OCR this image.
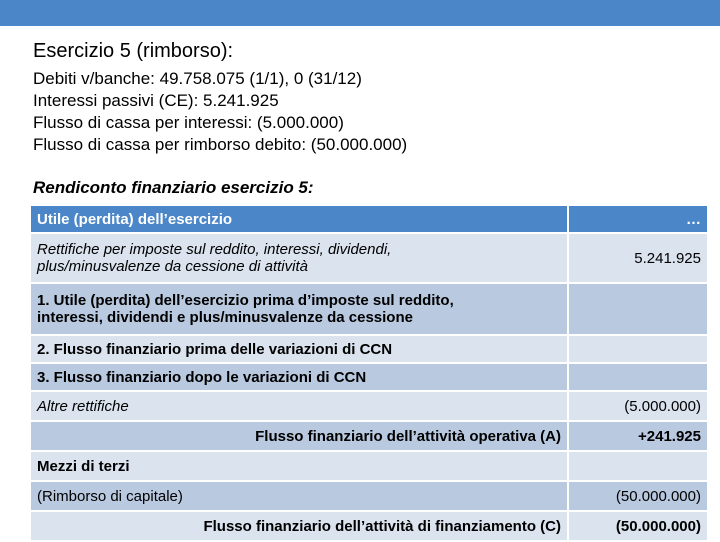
Esercizio 5 (rimborso):
Debiti v/banche: 49.758.075 (1/1), 0 (31/12)
Interessi passivi (CE): 5.241.925
Flusso di cassa per interessi: (5.000.000)
Flusso di cassa per rimborso debito: (50.000.000)
Rendiconto finanziario esercizio 5:
Utile (perdita) dell’esercizio	…

Rettifiche per imposte sul reddito, interessi, dividendi,
plus/minusvalenze da cessione di attività	5.241.925

1. Utile (perdita) dell’esercizio prima d’imposte sul reddito,
interessi, dividendi e plus/minusvalenze da cessione	

2. Flusso finanziario prima delle variazioni di CCN	
3. Flusso finanziario dopo le variazioni di CCN	
Altre rettifiche	(5.000.000)
Flusso finanziario dell’attività operativa (A)	+241.925
Mezzi di terzi	
(Rimborso di capitale)	(50.000.000)
Flusso finanziario dell’attività di finanziamento (C)	(50.000.000)
